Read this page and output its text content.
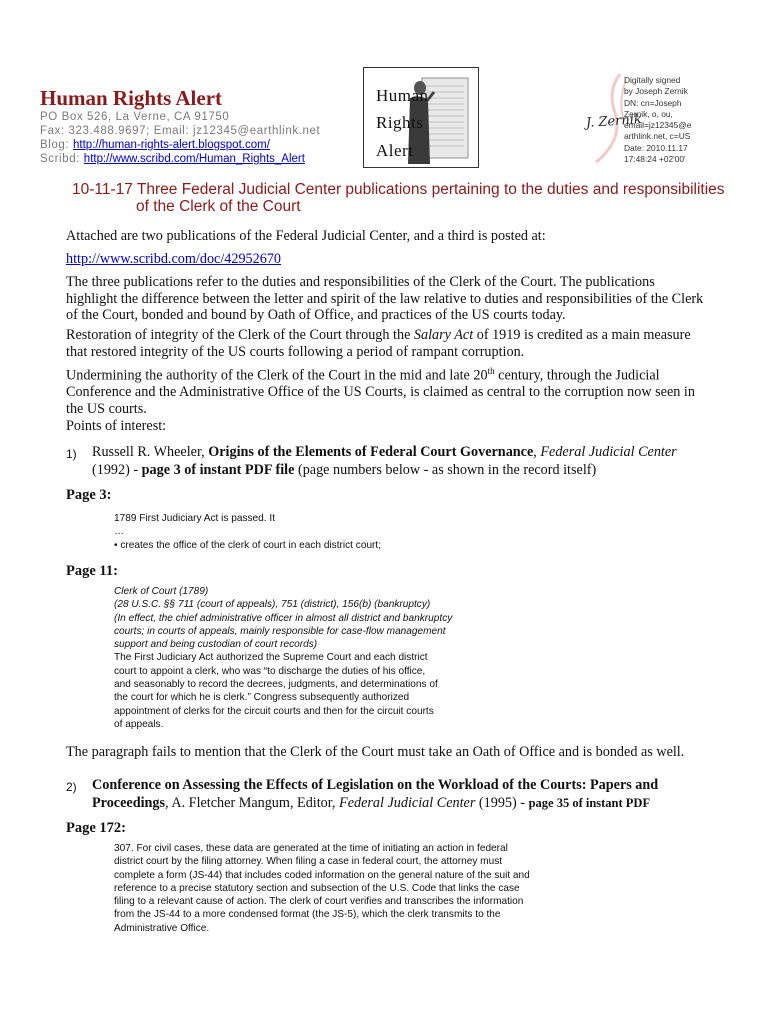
Human Rights Alert
PO Box 526, La Verne, CA 91750
Fax: 323.488.9697; Email: jz12345@earthlink.net
Blog: http://human-rights-alert.blogspot.com/
Scribd: http://www.scribd.com/Human_Rights_Alert
Human
Rights
Alert
J. Zernik
Digitally signed
by Joseph Zernik
DN: cn=Joseph
Zernik, o, ou,
email=jz12345@e
arthlink.net, c=US
Date: 2010.11.17
17:48:24 +02'00'
10-11-17 Three Federal Judicial Center publications pertaining to the duties and responsibilities
of the Clerk of the Court
Attached are two publications of the Federal Judicial Center, and a third is posted at:
http://www.scribd.com/doc/42952670
The three publications refer to the duties and responsibilities of the Clerk of the Court. The publications highlight the difference between the letter and spirit of the law relative to duties and responsibilities of the Clerk of the Court, bonded and bound by Oath of Office, and practices of the US courts today.
Restoration of integrity of the Clerk of the Court through the Salary Act of 1919 is credited as a main measure that restored integrity of the US courts following a period of rampant corruption.
Undermining the authority of the Clerk of the Court in the mid and late 20th century, through the Judicial Conference and the Administrative Office of the US Courts, is claimed as central to the corruption now seen in the US courts.
Points of interest:
1) Russell R. Wheeler, Origins of the Elements of Federal Court Governance, Federal Judicial Center (1992) - page 3 of instant PDF file (page numbers below - as shown in the record itself)
Page 3:
1789 First Judiciary Act is passed. It
…
• creates the office of the clerk of court in each district court;
Page 11:
Clerk of Court (1789)
(28 U.S.C. §§ 711 (court of appeals), 751 (district), 156(b) (bankruptcy)
(In effect, the chief administrative officer in almost all district and bankruptcy
courts; in courts of appeals, mainly responsible for case-flow management
support and being custodian of court records)
The First Judiciary Act authorized the Supreme Court and each district
court to appoint a clerk, who was “to discharge the duties of his office,
and seasonably to record the decrees, judgments, and determinations of
the court for which he is clerk.” Congress subsequently authorized
appointment of clerks for the circuit courts and then for the circuit courts
of appeals.
The paragraph fails to mention that the Clerk of the Court must take an Oath of Office and is bonded as well.
2) Conference on Assessing the Effects of Legislation on the Workload of the Courts: Papers and Proceedings, A. Fletcher Mangum, Editor, Federal Judicial Center (1995) - page 35 of instant PDF
Page 172:
307. For civil cases, these data are generated at the time of initiating an action in federal
district court by the filing attorney. When filing a case in federal court, the attorney must
complete a form (JS-44) that includes coded information on the general nature of the suit and
reference to a precise statutory section and subsection of the U.S. Code that links the case
filing to a relevant cause of action. The clerk of court verifies and transcribes the information
from the JS-44 to a more condensed format (the JS-5), which the clerk transmits to the
Administrative Office.
